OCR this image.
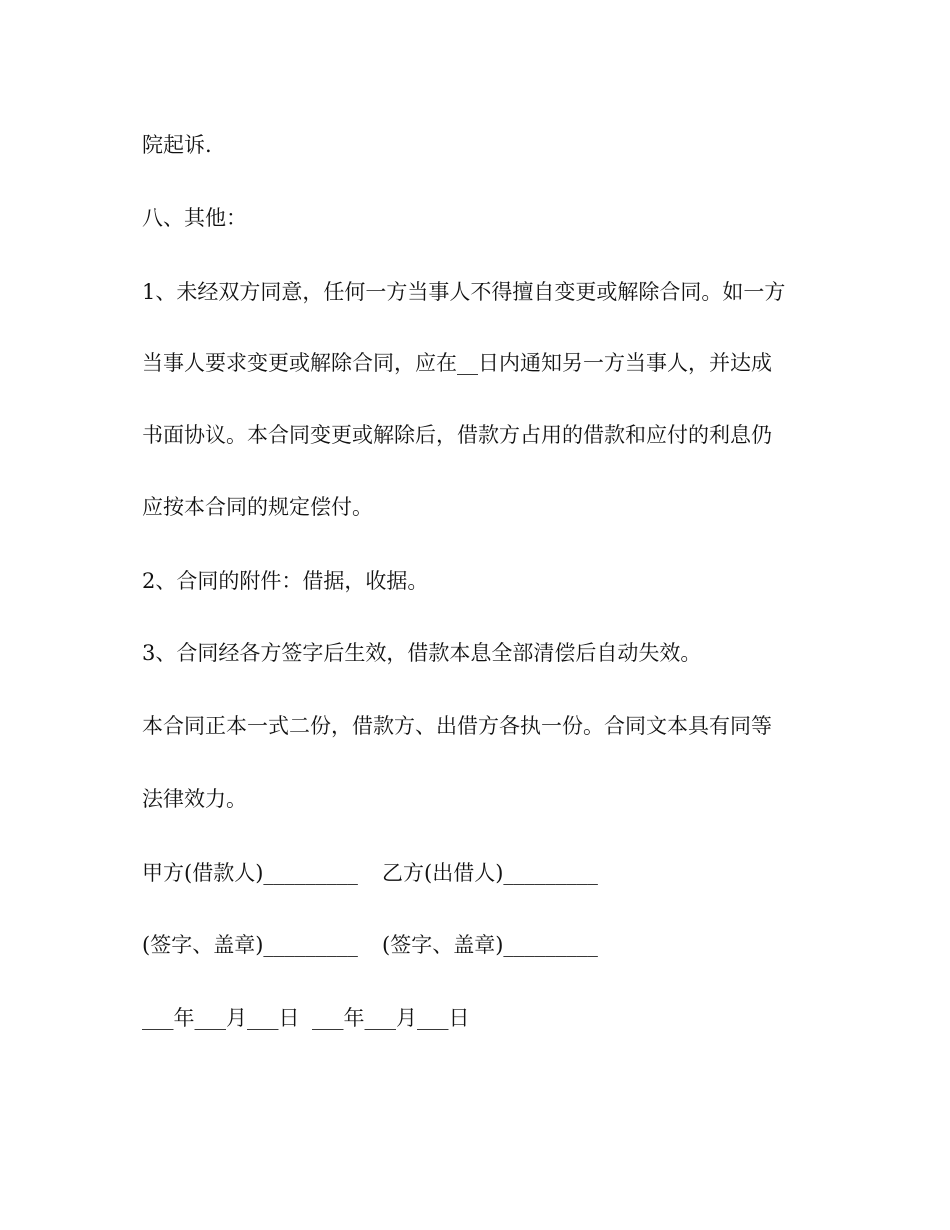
院起诉.

八、其他：

1、未经双方同意，任何一方当事人不得擅自变更或解除合同。如一方

当事人要求变更或解除合同，应在__日内通知另一方当事人，并达成

书面协议。本合同变更或解除后，借款方占用的借款和应付的利息仍

应按本合同的规定偿付。

2、合同的附件：借据，收据。

3、合同经各方签字后生效，借款本息全部清偿后自动失效。

本合同正本一式二份，借款方、出借方各执一份。合同文本具有同等

法律效力。

甲方(借款人)_________ 乙方(出借人)_________

(签字、盖章)_________ (签字、盖章)_________

___年___月___日 ___年___月___日
